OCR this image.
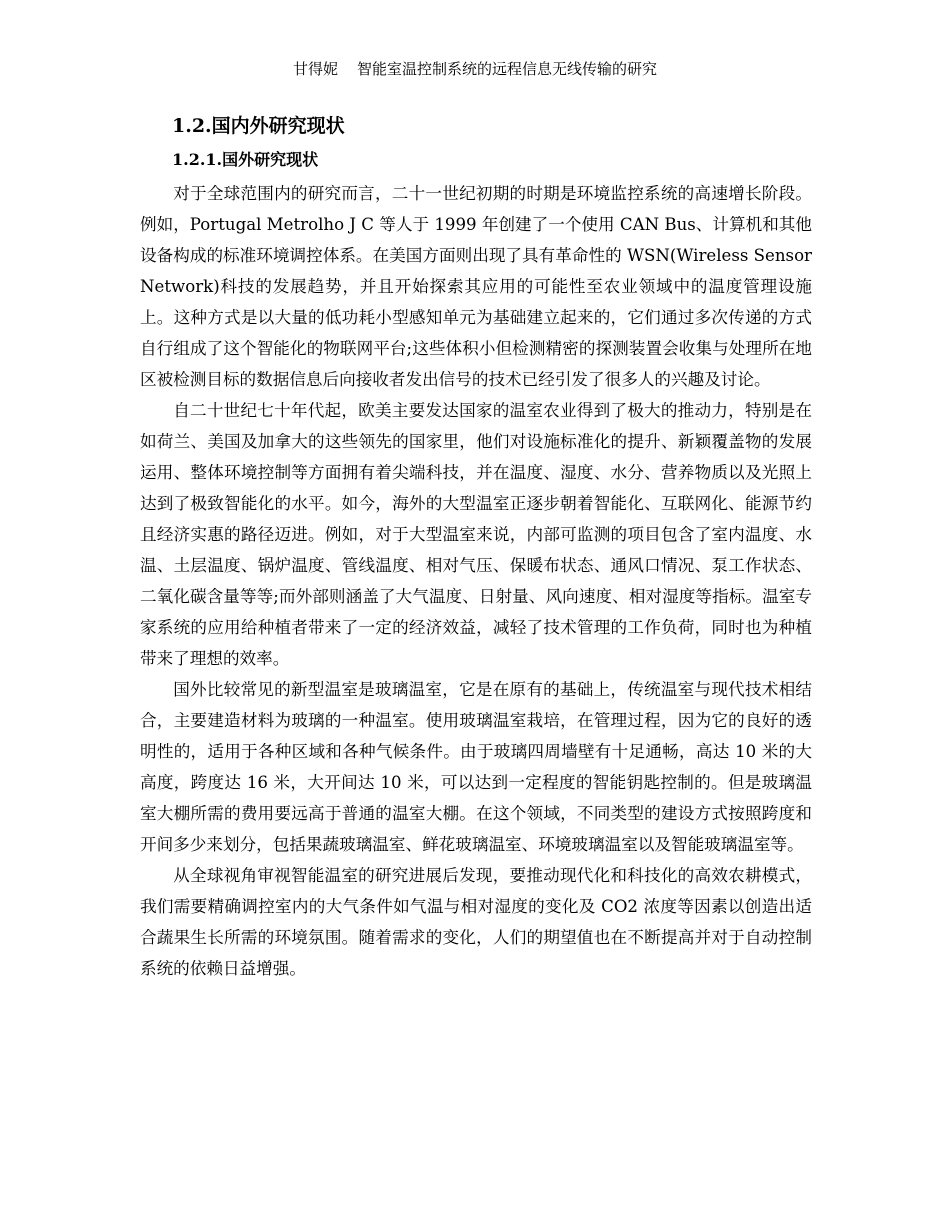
甘得妮    智能室温控制系统的远程信息无线传输的研究
1.2.国内外研究现状
1.2.1.国外研究现状

对于全球范围内的研究而言，二十一世纪初期的时期是环境监控系统的高速增长阶段。例如，Portugal Metrolho J C 等人于 1999 年创建了一个使用 CAN Bus、计算机和其他设备构成的标准环境调控体系。在美国方面则出现了具有革命性的 WSN(Wireless Sensor Network)科技的发展趋势，并且开始探索其应用的可能性至农业领域中的温度管理设施上。这种方式是以大量的低功耗小型感知单元为基础建立起来的，它们通过多次传递的方式自行组成了这个智能化的物联网平台;这些体积小但检测精密的探测装置会收集与处理所在地区被检测目标的数据信息后向接收者发出信号的技术已经引发了很多人的兴趣及讨论。

自二十世纪七十年代起，欧美主要发达国家的温室农业得到了极大的推动力，特别是在如荷兰、美国及加拿大的这些领先的国家里，他们对设施标准化的提升、新颖覆盖物的发展运用、整体环境控制等方面拥有着尖端科技，并在温度、湿度、水分、营养物质以及光照上达到了极致智能化的水平。如今，海外的大型温室正逐步朝着智能化、互联网化、能源节约且经济实惠的路径迈进。例如，对于大型温室来说，内部可监测的项目包含了室内温度、水温、土层温度、锅炉温度、管线温度、相对气压、保暖布状态、通风口情况、泵工作状态、二氧化碳含量等等;而外部则涵盖了大气温度、日射量、风向速度、相对湿度等指标。温室专家系统的应用给种植者带来了一定的经济效益，减轻了技术管理的工作负荷，同时也为种植带来了理想的效率。

国外比较常见的新型温室是玻璃温室，它是在原有的基础上，传统温室与现代技术相结合，主要建造材料为玻璃的一种温室。使用玻璃温室栽培，在管理过程，因为它的良好的透明性的，适用于各种区域和各种气候条件。由于玻璃四周墙壁有十足通畅，高达 10 米的大高度，跨度达 16 米，大开间达 10 米，可以达到一定程度的智能钥匙控制的。但是玻璃温室大棚所需的费用要远高于普通的温室大棚。在这个领域，不同类型的建设方式按照跨度和开间多少来划分，包括果蔬玻璃温室、鲜花玻璃温室、环境玻璃温室以及智能玻璃温室等。

从全球视角审视智能温室的研究进展后发现，要推动现代化和科技化的高效农耕模式，我们需要精确调控室内的大气条件如气温与相对湿度的变化及 CO2 浓度等因素以创造出适合蔬果生长所需的环境氛围。随着需求的变化，人们的期望值也在不断提高并对于自动控制系统的依赖日益增强。
